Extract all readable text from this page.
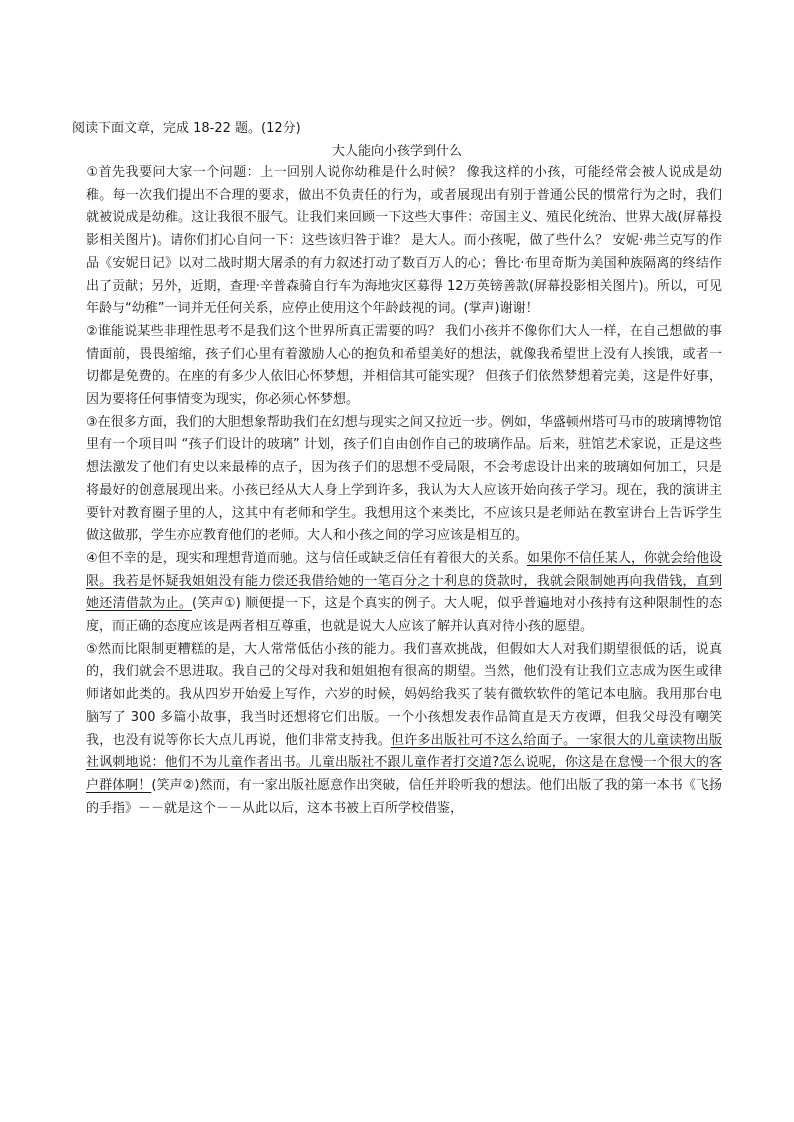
阅读下面文章，完成 18-22 题。(12分)
大人能向小孩学到什么

①首先我要问大家一个问题：上一回别人说你幼稚是什么时候？ 像我这样的小孩，可能经常会被人说成是幼稚。每一次我们提出不合理的要求，做出不负责任的行为，或者展现出有别于普通公民的惯常行为之时，我们就被说成是幼稚。这让我很不服气。让我们来回顾一下这些大事件：帝国主义、殖民化统治、世界大战(屏幕投影相关图片)。请你们扪心自问一下：这些该归咎于谁？ 是大人。而小孩呢，做了些什么？ 安妮·弗兰克写的作品《安妮日记》以对二战时期大屠杀的有力叙述打动了数百万人的心；鲁比·布里奇斯为美国种族隔离的终结作出了贡献；另外，近期，查理·辛普森骑自行车为海地灾区募得 12万英镑善款(屏幕投影相关图片)。所以，可见年龄与“幼稚”一词并无任何关系，应停止使用这个年龄歧视的词。(掌声)谢谢！

②谁能说某些非理性思考不是我们这个世界所真正需要的吗？ 我们小孩并不像你们大人一样，在自己想做的事情面前，畏畏缩缩，孩子们心里有着激励人心的抱负和希望美好的想法，就像我希望世上没有人挨饿，或者一切都是免费的。在座的有多少人依旧心怀梦想，并相信其可能实现？ 但孩子们依然梦想着完美，这是件好事，因为要将任何事情变为现实，你必须心怀梦想。

③在很多方面，我们的大胆想象帮助我们在幻想与现实之间又拉近一步。例如，华盛顿州塔可马市的玻璃博物馆里有一个项目叫 “孩子们设计的玻璃” 计划，孩子们自由创作自己的玻璃作品。后来，驻馆艺术家说，正是这些想法激发了他们有史以来最棒的点子，因为孩子们的思想不受局限，不会考虑设计出来的玻璃如何加工，只是将最好的创意展现出来。小孩已经从大人身上学到许多，我认为大人应该开始向孩子学习。现在，我的演讲主要针对教育圈子里的人，这其中有老师和学生。我想用这个来类比，不应该只是老师站在教室讲台上告诉学生做这做那，学生亦应教育他们的老师。大人和小孩之间的学习应该是相互的。

④但不幸的是，现实和理想背道而驰。这与信任或缺乏信任有着很大的关系。如果你不信任某人，你就会给他设限。我若是怀疑我姐姐没有能力偿还我借给她的一笔百分之十利息的贷款时，我就会限制她再向我借钱，直到她还清借款为止。(笑声①) 顺便提一下，这是个真实的例子。大人呢，似乎普遍地对小孩持有这种限制性的态度，而正确的态度应该是两者相互尊重，也就是说大人应该了解并认真对待小孩的愿望。

⑤然而比限制更糟糕的是，大人常常低估小孩的能力。我们喜欢挑战，但假如大人对我们期望很低的话，说真的，我们就会不思进取。我自己的父母对我和姐姐抱有很高的期望。当然，他们没有让我们立志成为医生或律师诸如此类的。我从四岁开始爱上写作，六岁的时候，妈妈给我买了装有微软软件的笔记本电脑。我用那台电脑写了 300 多篇小故事，我当时还想将它们出版。一个小孩想发表作品简直是天方夜谭，但我父母没有嘲笑我，也没有说等你长大点儿再说，他们非常支持我。但许多出版社可不这么给面子。一家很大的儿童读物出版社讽刺地说：他们不为儿童作者出书。儿童出版社不跟儿童作者打交道?怎么说呢，你这是在怠慢一个很大的客户群体啊！(笑声②)然而，有一家出版社愿意作出突破，信任并聆听我的想法。他们出版了我的第一本书《飞扬的手指》－－就是这个－－从此以后，这本书被上百所学校借鉴，
